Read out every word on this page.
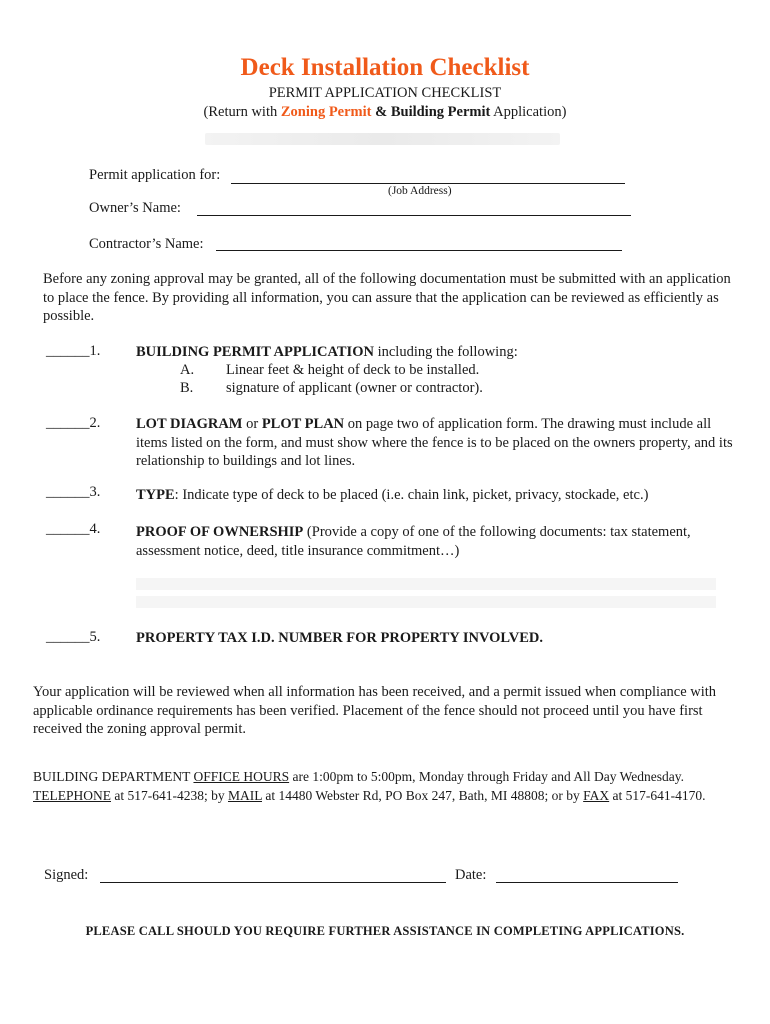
Deck Installation Checklist
PERMIT APPLICATION CHECKLIST
(Return with Zoning Permit & Building Permit Application)
Permit application for:
(Job Address)
Owner’s Name:
Contractor’s Name:
Before any zoning approval may be granted, all of the following documentation must be submitted with an application to place the fence. By providing all information, you can assure that the application can be reviewed as efficiently as possible.
______1. BUILDING PERMIT APPLICATION including the following:
A. Linear feet & height of deck to be installed.
B. signature of applicant (owner or contractor).
______2. LOT DIAGRAM or PLOT PLAN on page two of application form. The drawing must include all items listed on the form, and must show where the fence is to be placed on the owners property, and its relationship to buildings and lot lines.
______3. TYPE: Indicate type of deck to be placed (i.e. chain link, picket, privacy, stockade, etc.)
______4. PROOF OF OWNERSHIP (Provide a copy of one of the following documents: tax statement, assessment notice, deed, title insurance commitment…)
______5. PROPERTY TAX I.D. NUMBER FOR PROPERTY INVOLVED.
Your application will be reviewed when all information has been received, and a permit issued when compliance with applicable ordinance requirements has been verified. Placement of the fence should not proceed until you have first received the zoning approval permit.
BUILDING DEPARTMENT OFFICE HOURS are 1:00pm to 5:00pm, Monday through Friday and All Day Wednesday. TELEPHONE at 517-641-4238; by MAIL at 14480 Webster Rd, PO Box 247, Bath, MI 48808; or by FAX at 517-641-4170.
Signed:	Date:
PLEASE CALL SHOULD YOU REQUIRE FURTHER ASSISTANCE IN COMPLETING APPLICATIONS.
